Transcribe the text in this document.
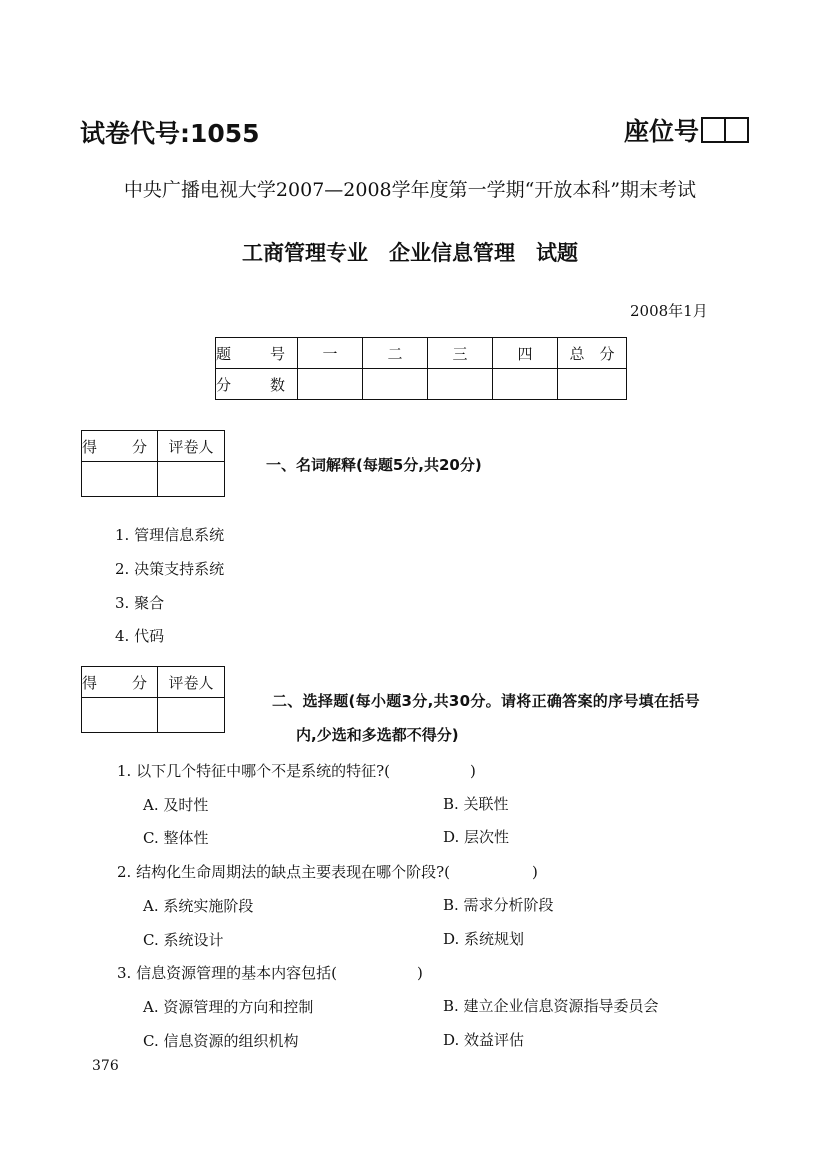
试卷代号:1055	座位号
中央广播电视大学2007—2008学年度第一学期“开放本科”期末考试
工商管理专业　企业信息管理　试题
2008年1月
题　号	一	二	三	四	总　分
分　数					
得　分	评卷人

一、名词解释(每题5分,共20分)
1. 管理信息系统
2. 决策支持系统
3. 聚合
4. 代码
得　分	评卷人

二、选择题(每小题3分,共30分。请将正确答案的序号填在括号
内,少选和多选都不得分)
1. 以下几个特征中哪个不是系统的特征?(	)
A. 及时性	B. 关联性
C. 整体性	D. 层次性
2. 结构化生命周期法的缺点主要表现在哪个阶段?(	)
A. 系统实施阶段	B. 需求分析阶段
C. 系统设计	D. 系统规划
3. 信息资源管理的基本内容包括(	)
A. 资源管理的方向和控制	B. 建立企业信息资源指导委员会
C. 信息资源的组织机构	D. 效益评估
376
